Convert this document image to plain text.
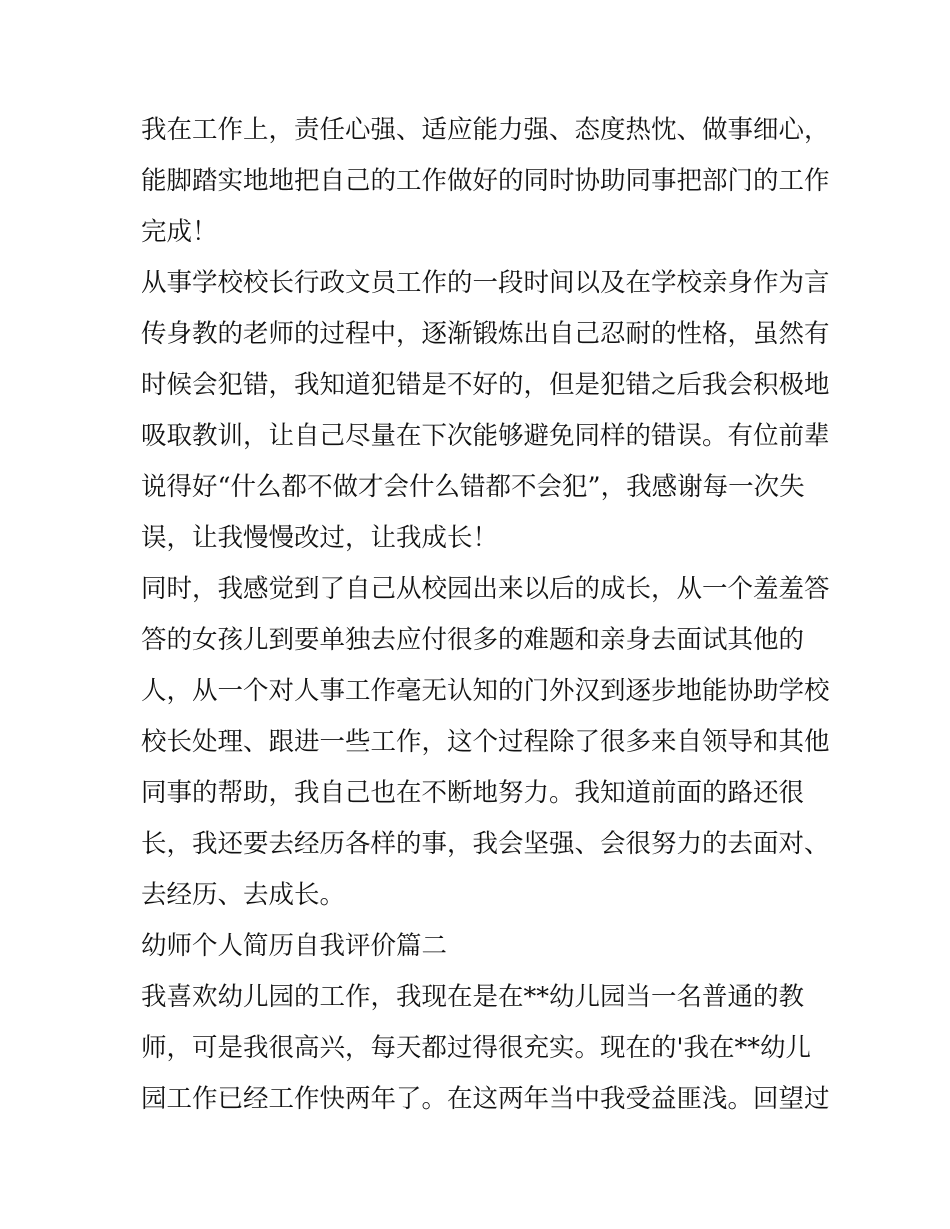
我在工作上，责任心强、适应能力强、态度热忱、做事细心，
能脚踏实地地把自己的工作做好的同时协助同事把部门的工作
完成！
从事学校校长行政文员工作的一段时间以及在学校亲身作为言
传身教的老师的过程中，逐渐锻炼出自己忍耐的性格，虽然有
时候会犯错，我知道犯错是不好的，但是犯错之后我会积极地
吸取教训，让自己尽量在下次能够避免同样的错误。有位前辈
说得好“什么都不做才会什么错都不会犯”，我感谢每一次失
误，让我慢慢改过，让我成长！
同时，我感觉到了自己从校园出来以后的成长，从一个羞羞答
答的女孩儿到要单独去应付很多的难题和亲身去面试其他的
人，从一个对人事工作毫无认知的门外汉到逐步地能协助学校
校长处理、跟进一些工作，这个过程除了很多来自领导和其他
同事的帮助，我自己也在不断地努力。我知道前面的路还很
长，我还要去经历各样的事，我会坚强、会很努力的去面对、
去经历、去成长。
幼师个人简历自我评价篇二
我喜欢幼儿园的工作，我现在是在**幼儿园当一名普通的教
师，可是我很高兴，每天都过得很充实。现在的'我在**幼儿
园工作已经工作快两年了。在这两年当中我受益匪浅。回望过
